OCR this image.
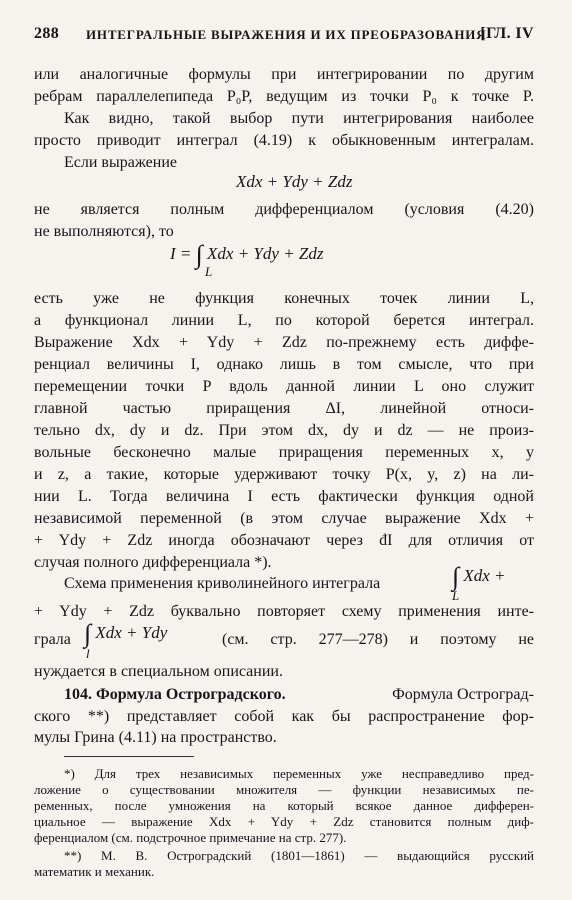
288 ИНТЕГРАЛЬНЫЕ ВЫРАЖЕНИЯ И ИХ ПРЕОБРАЗОВАНИЯ
[ГЛ. IV
или аналогичные формулы при интегрировании по другим
ребрам параллелепипеда P₀P, ведущим из точки P₀ к точке P.
Как видно, такой выбор пути интегрирования наиболее
просто приводит интеграл (4.19) к обыкновенным интегралам.
Если выражение
Xdx + Ydy + Zdz
не является полным дифференциалом (условия (4.20)
не выполняются), то
I = ∫ Xdx + Ydy + Zdz
L
есть уже не функция конечных точек линии L,
а функционал линии L, по которой берется интеграл.
Выражение Xdx + Ydy + Zdz по-прежнему есть диффе-
ренциал величины I, однако лишь в том смысле, что при
перемещении точки P вдоль данной линии L оно служит
главной частью приращения ΔI, линейной относи-
тельно dx, dy и dz. При этом dx, dy и dz — не произ-
вольные бесконечно малые приращения переменных x, y
и z, а такие, которые удерживают точку P(x, y, z) на ли-
нии L. Тогда величина I есть фактически функция одной
независимой переменной (в этом случае выражение Xdx +
+ Ydy + Zdz иногда обозначают через đI для отличия от
случая полного дифференциала *).
Схема применения криволинейного интеграла	∫ Xdx +
L
+ Ydy + Zdz буквально повторяет схему применения инте-
грала ∫ Xdx + Ydy
l
(см. стр. 277—278) и поэтому не
нуждается в специальном описании.
104. Формула Остроградского.	Формула Остроград-
ского **) представляет собой как бы распространение фор-
мулы Грина (4.11) на пространство.
*) Для трех независимых переменных уже несправедливо пред-
ложение о существовании множителя — функции независимых пе-
ременных, после умножения на который всякое данное дифферен-
циальное — выражение Xdx + Ydy + Zdz становится полным диф-
ференциалом (см. подстрочное примечание на стр. 277).
**) М. В. Остроградский (1801—1861) — выдающийся русский
математик и механик.
